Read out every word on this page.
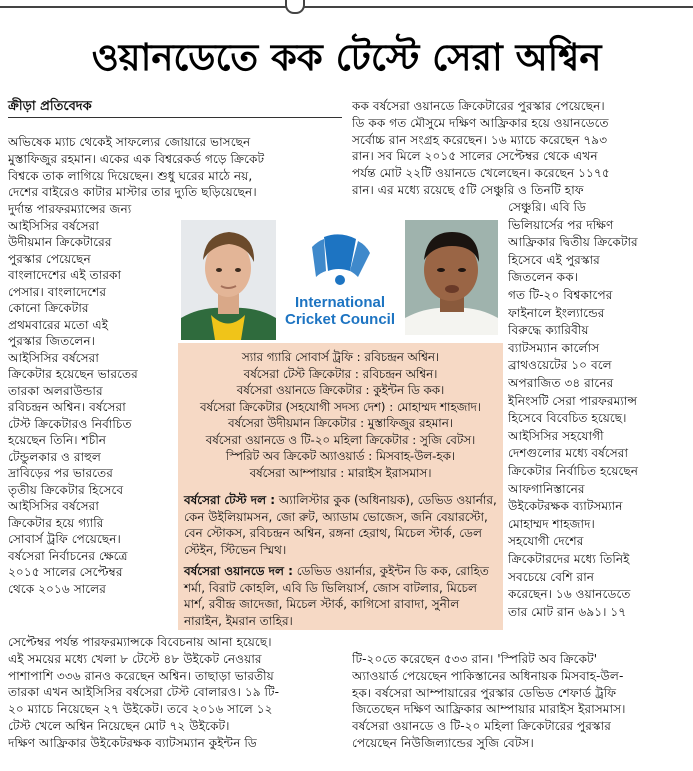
ওয়ানডেতে কক টেস্টে সেরা অশ্বিন
ক্রীড়া প্রতিবেদক
অভিষেক ম্যাচ থেকেই সাফল্যের জোয়ারে ভাসছেন
মুস্তাফিজুর রহমান। একের এক বিশ্বরেকর্ড গড়ে ক্রিকেট
বিশ্বকে তাক লাগিয়ে দিয়েছেন। শুধু ঘরের মাঠে নয়,
দেশের বাইরেও কাটার মাস্টার তার দ্যুতি ছড়িয়েছেন।
দুর্দান্ত পারফরম্যান্সের জন্য
আইসিসির বর্ষসেরা
উদীয়মান ক্রিকেটারের
পুরস্কার পেয়েছেন
বাংলাদেশের এই তারকা
পেসার। বাংলাদেশের
কোনো ক্রিকেটার
প্রথমবারের মতো এই
পুরস্কার জিতলেন।
আইসিসির বর্ষসেরা
ক্রিকেটার হয়েছেন ভারতের
তারকা অলরাউন্ডার
রবিচন্দ্রন অশ্বিন। বর্ষসেরা
টেস্ট ক্রিকেটারও নির্বাচিত
হয়েছেন তিনি। শচীন
টেন্ডুলকার ও রাহুল
দ্রাবিড়ের পর ভারতের
তৃতীয় ক্রিকেটার হিসেবে
আইসিসির বর্ষসেরা
ক্রিকেটার হয়ে গ্যারি
সোবার্স ট্রফি পেয়েছেন।
বর্ষসেরা নির্বাচনের ক্ষেত্রে
২০১৫ সালের সেপ্টেম্বর
থেকে ২০১৬ সালের
সেপ্টেম্বর পর্যন্ত পারফরম্যান্সকে বিবেচনায় আনা হয়েছে।
এই সময়ের মধ্যে খেলা ৮ টেস্টে ৪৮ উইকেট নেওয়ার
পাশাপাশি ৩৩৬ রানও করেছেন অশ্বিন। তাছাড়া ভারতীয়
তারকা এখন আইসিসির বর্ষসেরা টেস্ট বোলারও। ১৯ টি-
২০ ম্যাচে নিয়েছেন ২৭ উইকেট। তবে ২০১৬ সালে ১২
টেস্ট খেলে অশ্বিন নিয়েছেন মোট ৭২ উইকেট।
দক্ষিণ আফ্রিকার উইকেটরক্ষক ব্যাটসম্যান কুইন্টন ডি
কক বর্ষসেরা ওয়ানডে ক্রিকেটারের পুরস্কার পেয়েছেন।
ডি কক গত মৌসুমে দক্ষিণ আফ্রিকার হয়ে ওয়ানডেতে
সর্বোচ্চ রান সংগ্রহ করেছেন। ১৬ ম্যাচে করেছেন ৭৯৩
রান। সব মিলে ২০১৫ সালের সেপ্টেম্বর থেকে এখন
পর্যন্ত মোট ২২টি ওয়ানডে খেলেছেন। করেছেন ১১৭৫
রান। এর মধ্যে রয়েছে ৫টি সেঞ্চুরি ও তিনটি হাফ
সেঞ্চুরি। এবি ডি
ভিলিয়ার্সের পর দক্ষিণ
আফ্রিকার দ্বিতীয় ক্রিকেটার
হিসেবে এই পুরস্কার
জিতলেন কক।
গত টি-২০ বিশ্বকাপের
ফাইনালে ইংল্যান্ডের
বিরুদ্ধে ক্যারিবীয়
ব্যাটসম্যান কার্লোস
ব্রাথওয়েটের ১০ বলে
অপরাজিত ৩৪ রানের
ইনিংসটি সেরা পারফরম্যান্স
হিসেবে বিবেচিত হয়েছে।
আইসিসির সহযোগী
দেশগুলোর মধ্যে বর্ষসেরা
ক্রিকেটার নির্বাচিত হয়েছেন
আফগানিস্তানের
উইকেটরক্ষক ব্যাটসম্যান
মোহাম্মদ শাহজাদ।
সহযোগী দেশের
ক্রিকেটারদের মধ্যে তিনিই
সবচেয়ে বেশি রান
করেছেন। ১৬ ওয়ানডেতে
তার মোট রান ৬৯১। ১৭
টি-২০তে করেছেন ৫৩৩ রান। 'স্পিরিট অব ক্রিকেট'
অ্যাওয়ার্ড পেয়েছেন পাকিস্তানের অধিনায়ক মিসবাহ-উল-
হক। বর্ষসেরা আম্পায়ারের পুরস্কার ডেভিড শেফার্ড ট্রফি
জিতেছেন দক্ষিণ আফ্রিকার আম্পায়ার মারাইস ইরাসমাস।
বর্ষসেরা ওয়ানডে ও টি-২০ মহিলা ক্রিকেটারের পুরস্কার
পেয়েছেন নিউজিল্যান্ডের সুজি বেটস।
International
Cricket Council
স্যার গ্যারি সোবার্স ট্রফি : রবিচন্দ্রন অশ্বিন।
বর্ষসেরা টেস্ট ক্রিকেটার : রবিচন্দ্রন অশ্বিন।
বর্ষসেরা ওয়ানডে ক্রিকেটার : কুইন্টন ডি কক।
বর্ষসেরা ক্রিকেটার (সহযোগী সদস্য দেশ) : মোহাম্মদ শাহজাদ।
বর্ষসেরা উদীয়মান ক্রিকেটার : মুস্তাফিজুর রহমান।
বর্ষসেরা ওয়ানডে ও টি-২০ মহিলা ক্রিকেটার : সুজি বেটস।
স্পিরিট অব ক্রিকেট অ্যাওয়ার্ড : মিসবাহ-উল-হক।
বর্ষসেরা আম্পায়ার : মারাইস ইরাসমাস।
বর্ষসেরা টেস্ট দল : অ্যালিস্টার কুক (অধিনায়ক), ডেভিড ওয়ার্নার,
কেন উইলিয়ামসন, জো রুট, অ্যাডাম ভোজেস, জনি বেয়ারস্টো,
বেন স্টোকস, রবিচন্দ্রন অশ্বিন, রঙ্গনা হেরাথ, মিচেল স্টার্ক, ডেল
স্টেইন, স্টিভেন স্মিথ।
বর্ষসেরা ওয়ানডে দল : ডেভিড ওয়ার্নার, কুইন্টন ডি কক, রোহিত
শর্মা, বিরাট কোহলি, এবি ডি ভিলিয়ার্স, জোস বাটলার, মিচেল
মার্শ, রবীন্দ্র জাদেজা, মিচেল স্টার্ক, কাগিসো রাবাদা, সুনীল
নারাইন, ইমরান তাহির।
